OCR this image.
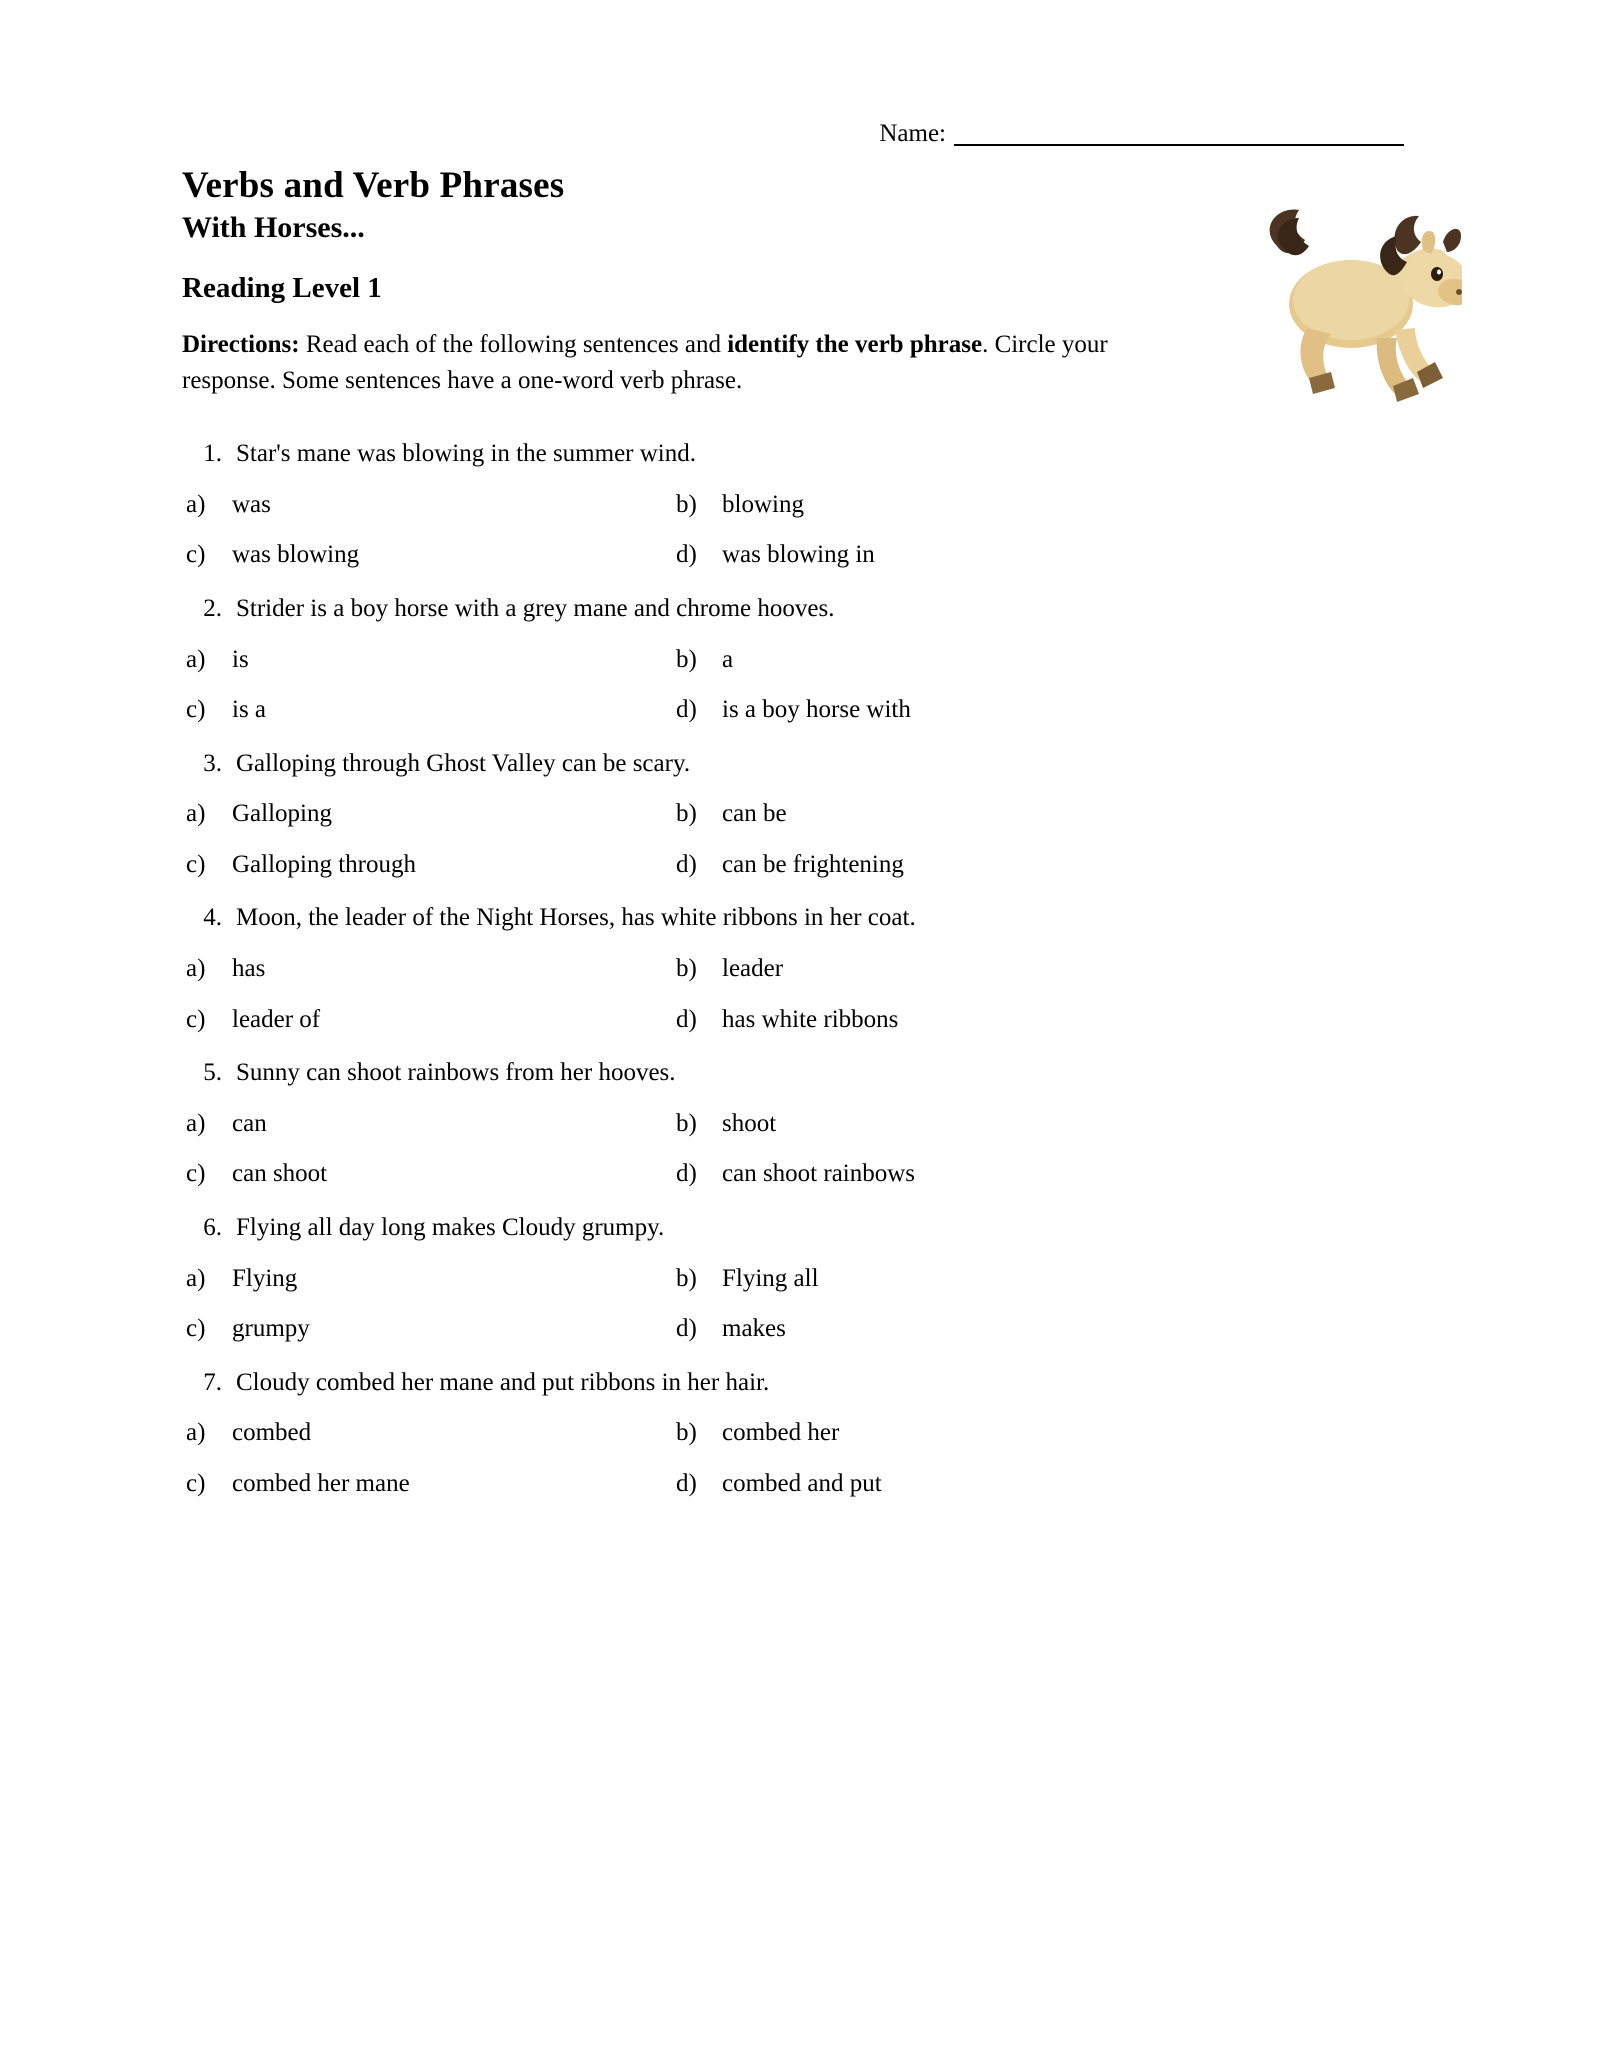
Name:
Verbs and Verb Phrases
With Horses...
Reading Level 1

Directions: Read each of the following sentences and identify the verb phrase. Circle your response. Some sentences have a one-word verb phrase.

1. Star's mane was blowing in the summer wind.
a)	was	b)	blowing
c)	was blowing	d)	was blowing in
2. Strider is a boy horse with a grey mane and chrome hooves.
a)	is	b)	a
c)	is a	d)	is a boy horse with
3. Galloping through Ghost Valley can be scary.
a)	Galloping	b)	can be
c)	Galloping through	d)	can be frightening
4. Moon, the leader of the Night Horses, has white ribbons in her coat.
a)	has	b)	leader
c)	leader of	d)	has white ribbons
5. Sunny can shoot rainbows from her hooves.
a)	can	b)	shoot
c)	can shoot	d)	can shoot rainbows
6. Flying all day long makes Cloudy grumpy.
a)	Flying	b)	Flying all
c)	grumpy	d)	makes
7. Cloudy combed her mane and put ribbons in her hair.
a)	combed	b)	combed her
c)	combed her mane	d)	combed and put
